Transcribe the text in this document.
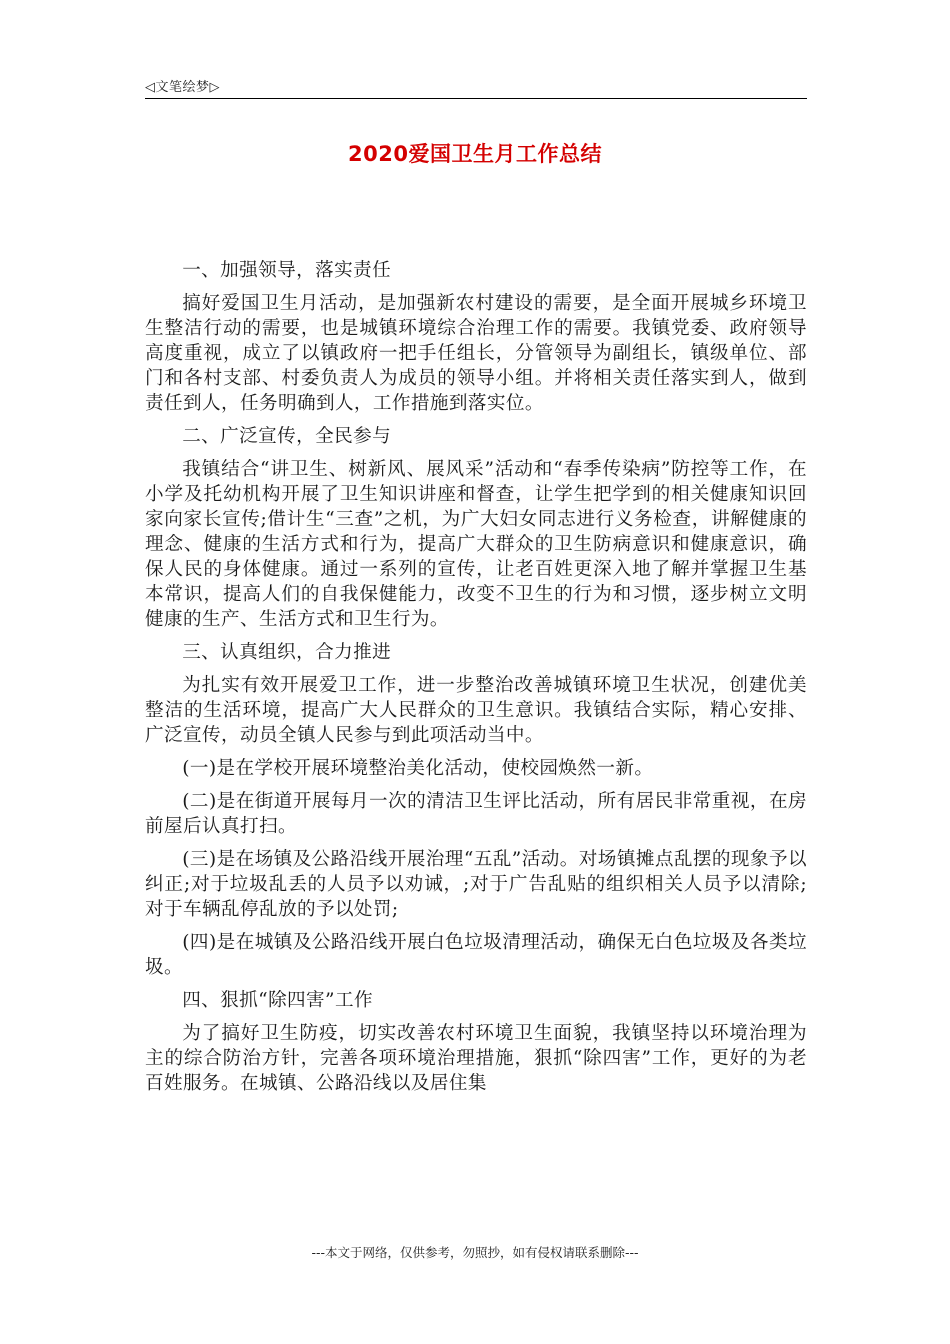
◁文笔绘梦▷
2020爱国卫生月工作总结

一、加强领导，落实责任

搞好爱国卫生月活动，是加强新农村建设的需要，是全面开展城乡环境卫生整洁行动的需要，也是城镇环境综合治理工作的需要。我镇党委、政府领导高度重视，成立了以镇政府一把手任组长，分管领导为副组长，镇级单位、部门和各村支部、村委负责人为成员的领导小组。并将相关责任落实到人，做到责任到人，任务明确到人，工作措施到落实位。

二、广泛宣传，全民参与

我镇结合“讲卫生、树新风、展风采”活动和“春季传染病”防控等工作，在小学及托幼机构开展了卫生知识讲座和督查，让学生把学到的相关健康知识回家向家长宣传;借计生“三查”之机，为广大妇女同志进行义务检查，讲解健康的理念、健康的生活方式和行为，提高广大群众的卫生防病意识和健康意识，确保人民的身体健康。通过一系列的宣传，让老百姓更深入地了解并掌握卫生基本常识，提高人们的自我保健能力，改变不卫生的行为和习惯，逐步树立文明健康的生产、生活方式和卫生行为。

三、认真组织，合力推进

为扎实有效开展爱卫工作，进一步整治改善城镇环境卫生状况，创建优美整洁的生活环境，提高广大人民群众的卫生意识。我镇结合实际，精心安排、广泛宣传，动员全镇人民参与到此项活动当中。

(一)是在学校开展环境整治美化活动，使校园焕然一新。

(二)是在街道开展每月一次的清洁卫生评比活动，所有居民非常重视，在房前屋后认真打扫。

(三)是在场镇及公路沿线开展治理“五乱”活动。对场镇摊点乱摆的现象予以纠正;对于垃圾乱丢的人员予以劝诫，;对于广告乱贴的组织相关人员予以清除;对于车辆乱停乱放的予以处罚;

(四)是在城镇及公路沿线开展白色垃圾清理活动，确保无白色垃圾及各类垃圾。

四、狠抓“除四害”工作

为了搞好卫生防疫，切实改善农村环境卫生面貌，我镇坚持以环境治理为主的综合防治方针，完善各项环境治理措施，狠抓“除四害”工作，更好的为老百姓服务。在城镇、公路沿线以及居住集

---本文于网络，仅供参考，勿照抄，如有侵权请联系删除---
